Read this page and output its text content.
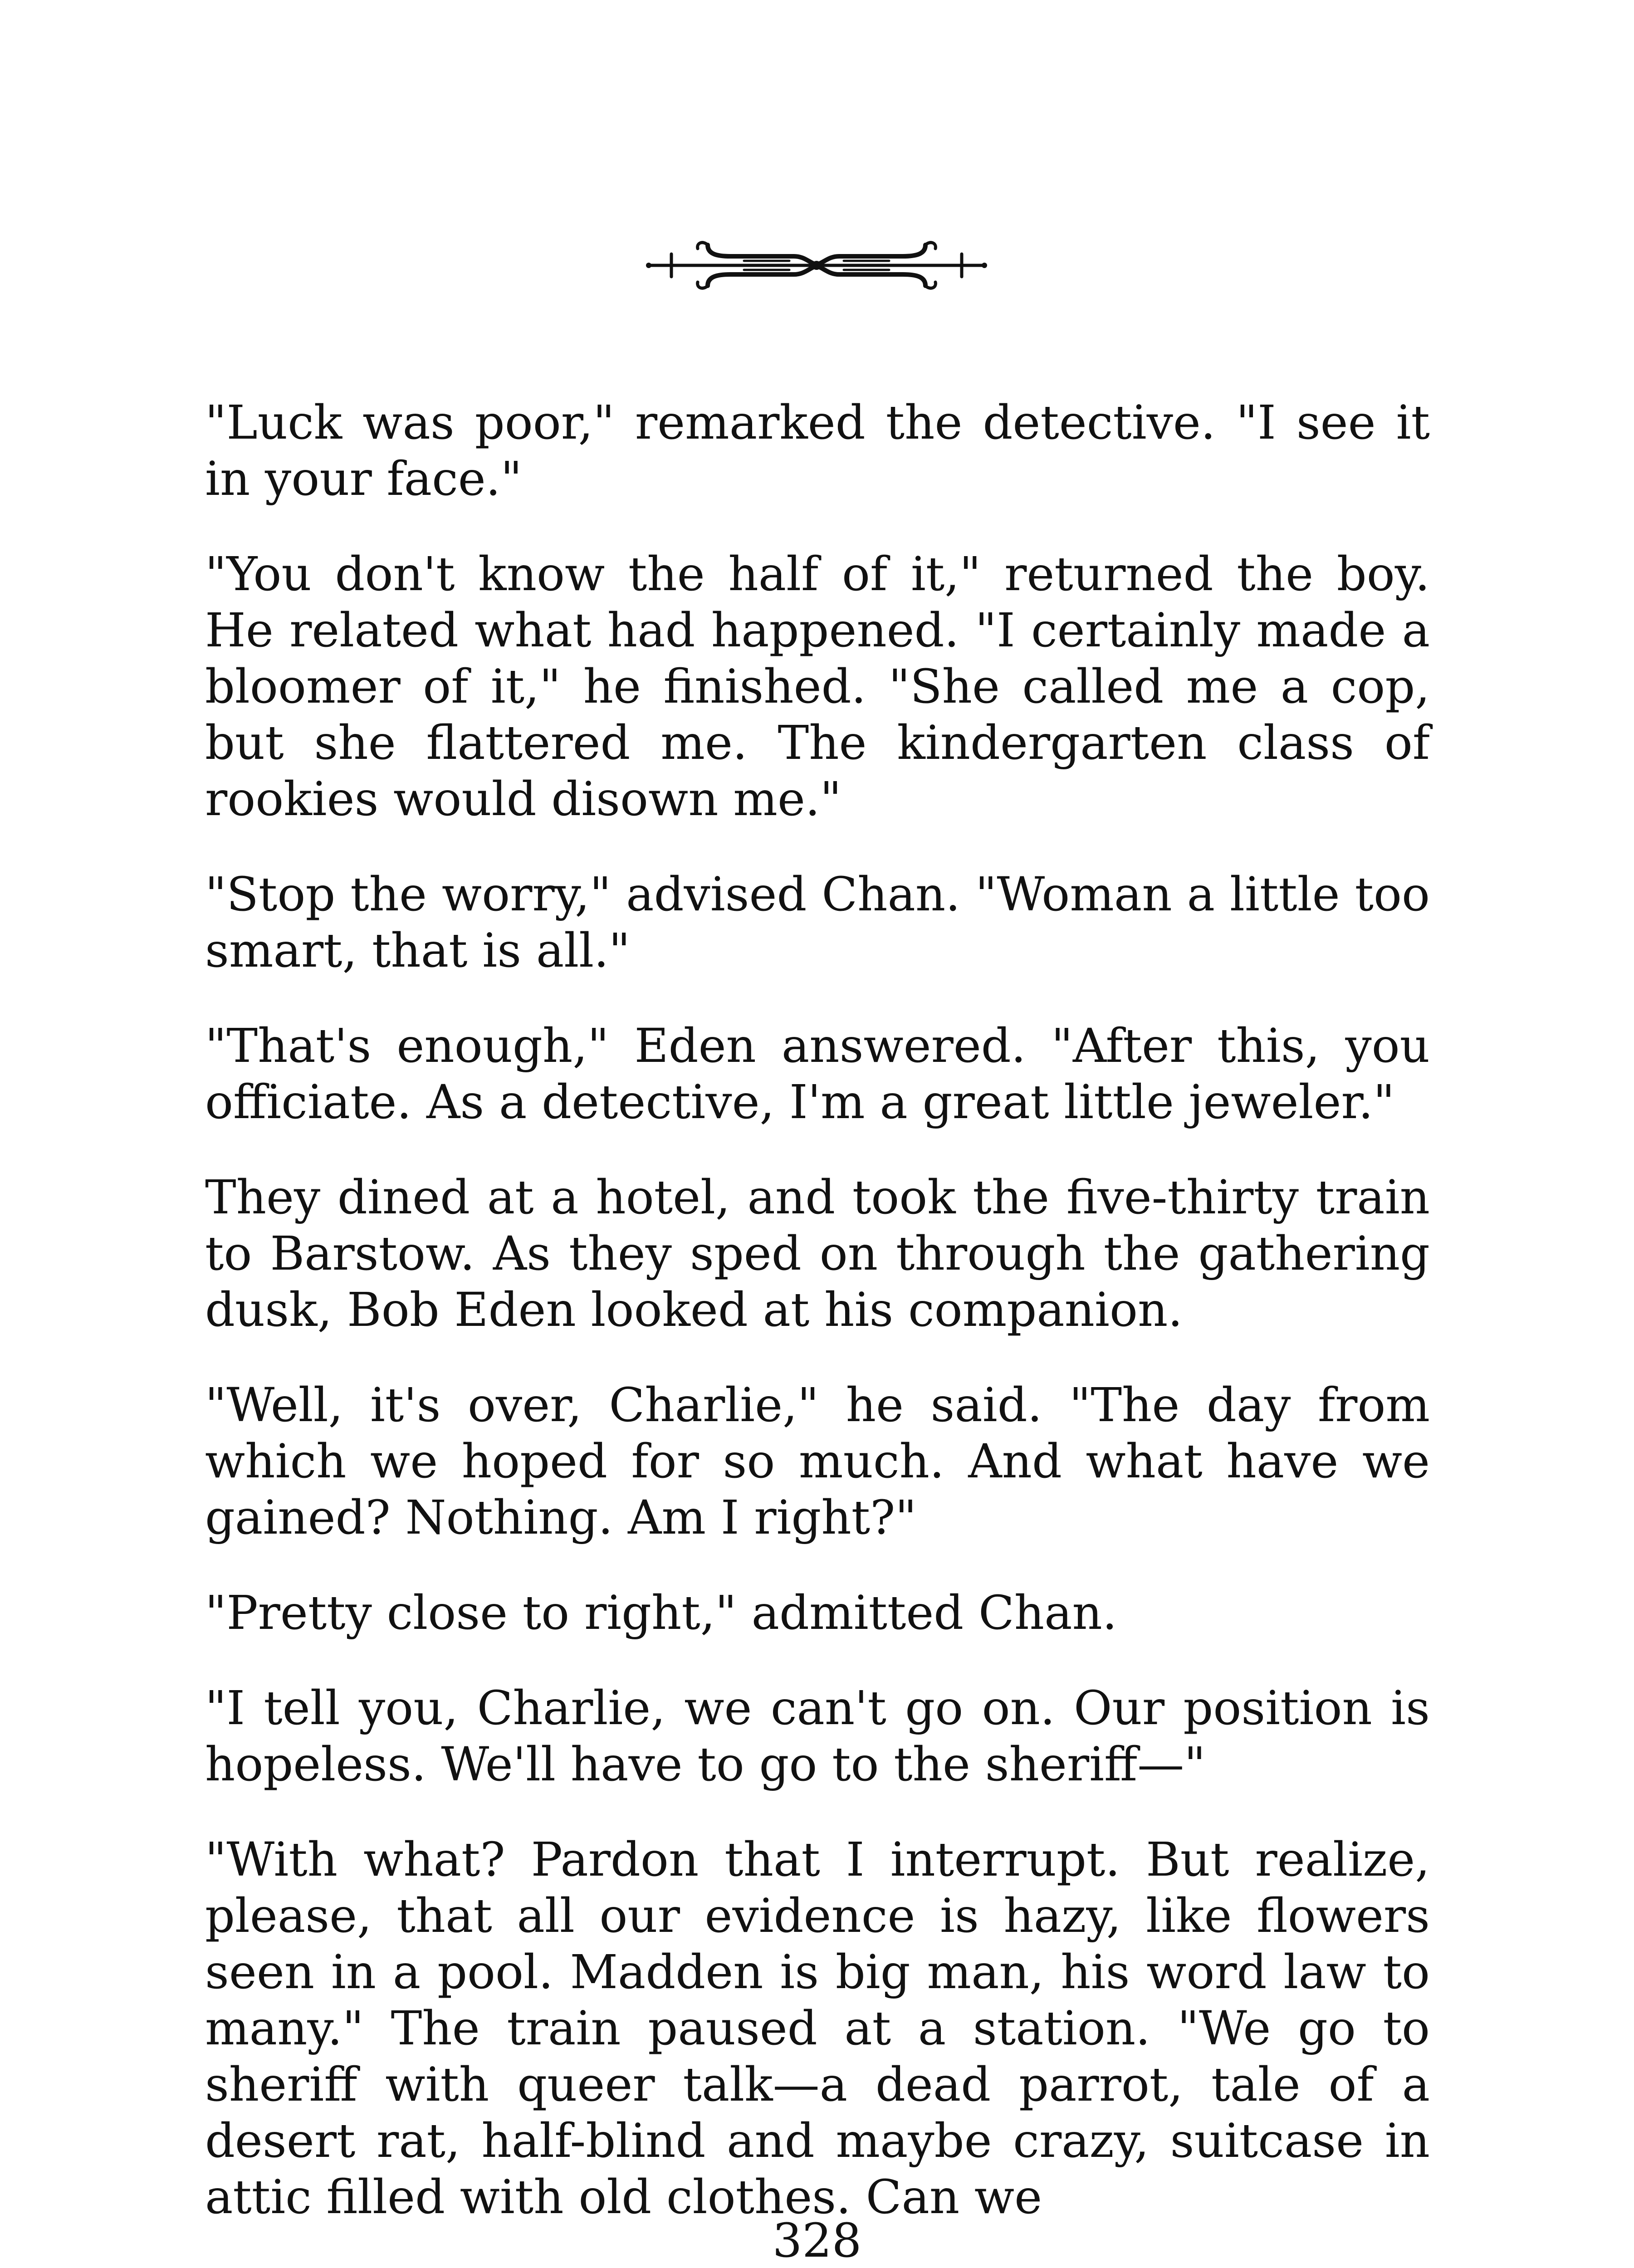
"Luck was poor," remarked the detective. "I see it in your face."

"You don't know the half of it," returned the boy. He related what had happened. "I certainly made a bloomer of it," he finished. "She called me a cop, but she flattered me. The kindergarten class of rookies would disown me."

"Stop the worry," advised Chan. "Woman a little too smart, that is all."

"That's enough," Eden answered. "After this, you officiate. As a detective, I'm a great little jeweler."

They dined at a hotel, and took the five-thirty train to Barstow. As they sped on through the gathering dusk, Bob Eden looked at his companion.

"Well, it's over, Charlie," he said. "The day from which we hoped for so much. And what have we gained? Nothing. Am I right?"

"Pretty close to right," admitted Chan.

"I tell you, Charlie, we can't go on. Our position is hopeless. We'll have to go to the sheriff—"

"With what? Pardon that I interrupt. But realize, please, that all our evidence is hazy, like flowers seen in a pool. Madden is big man, his word law to many." The train paused at a station. "We go to sheriff with queer talk—a dead parrot, tale of a desert rat, half-blind and maybe crazy, suitcase in attic filled with old clothes. Can we

328
